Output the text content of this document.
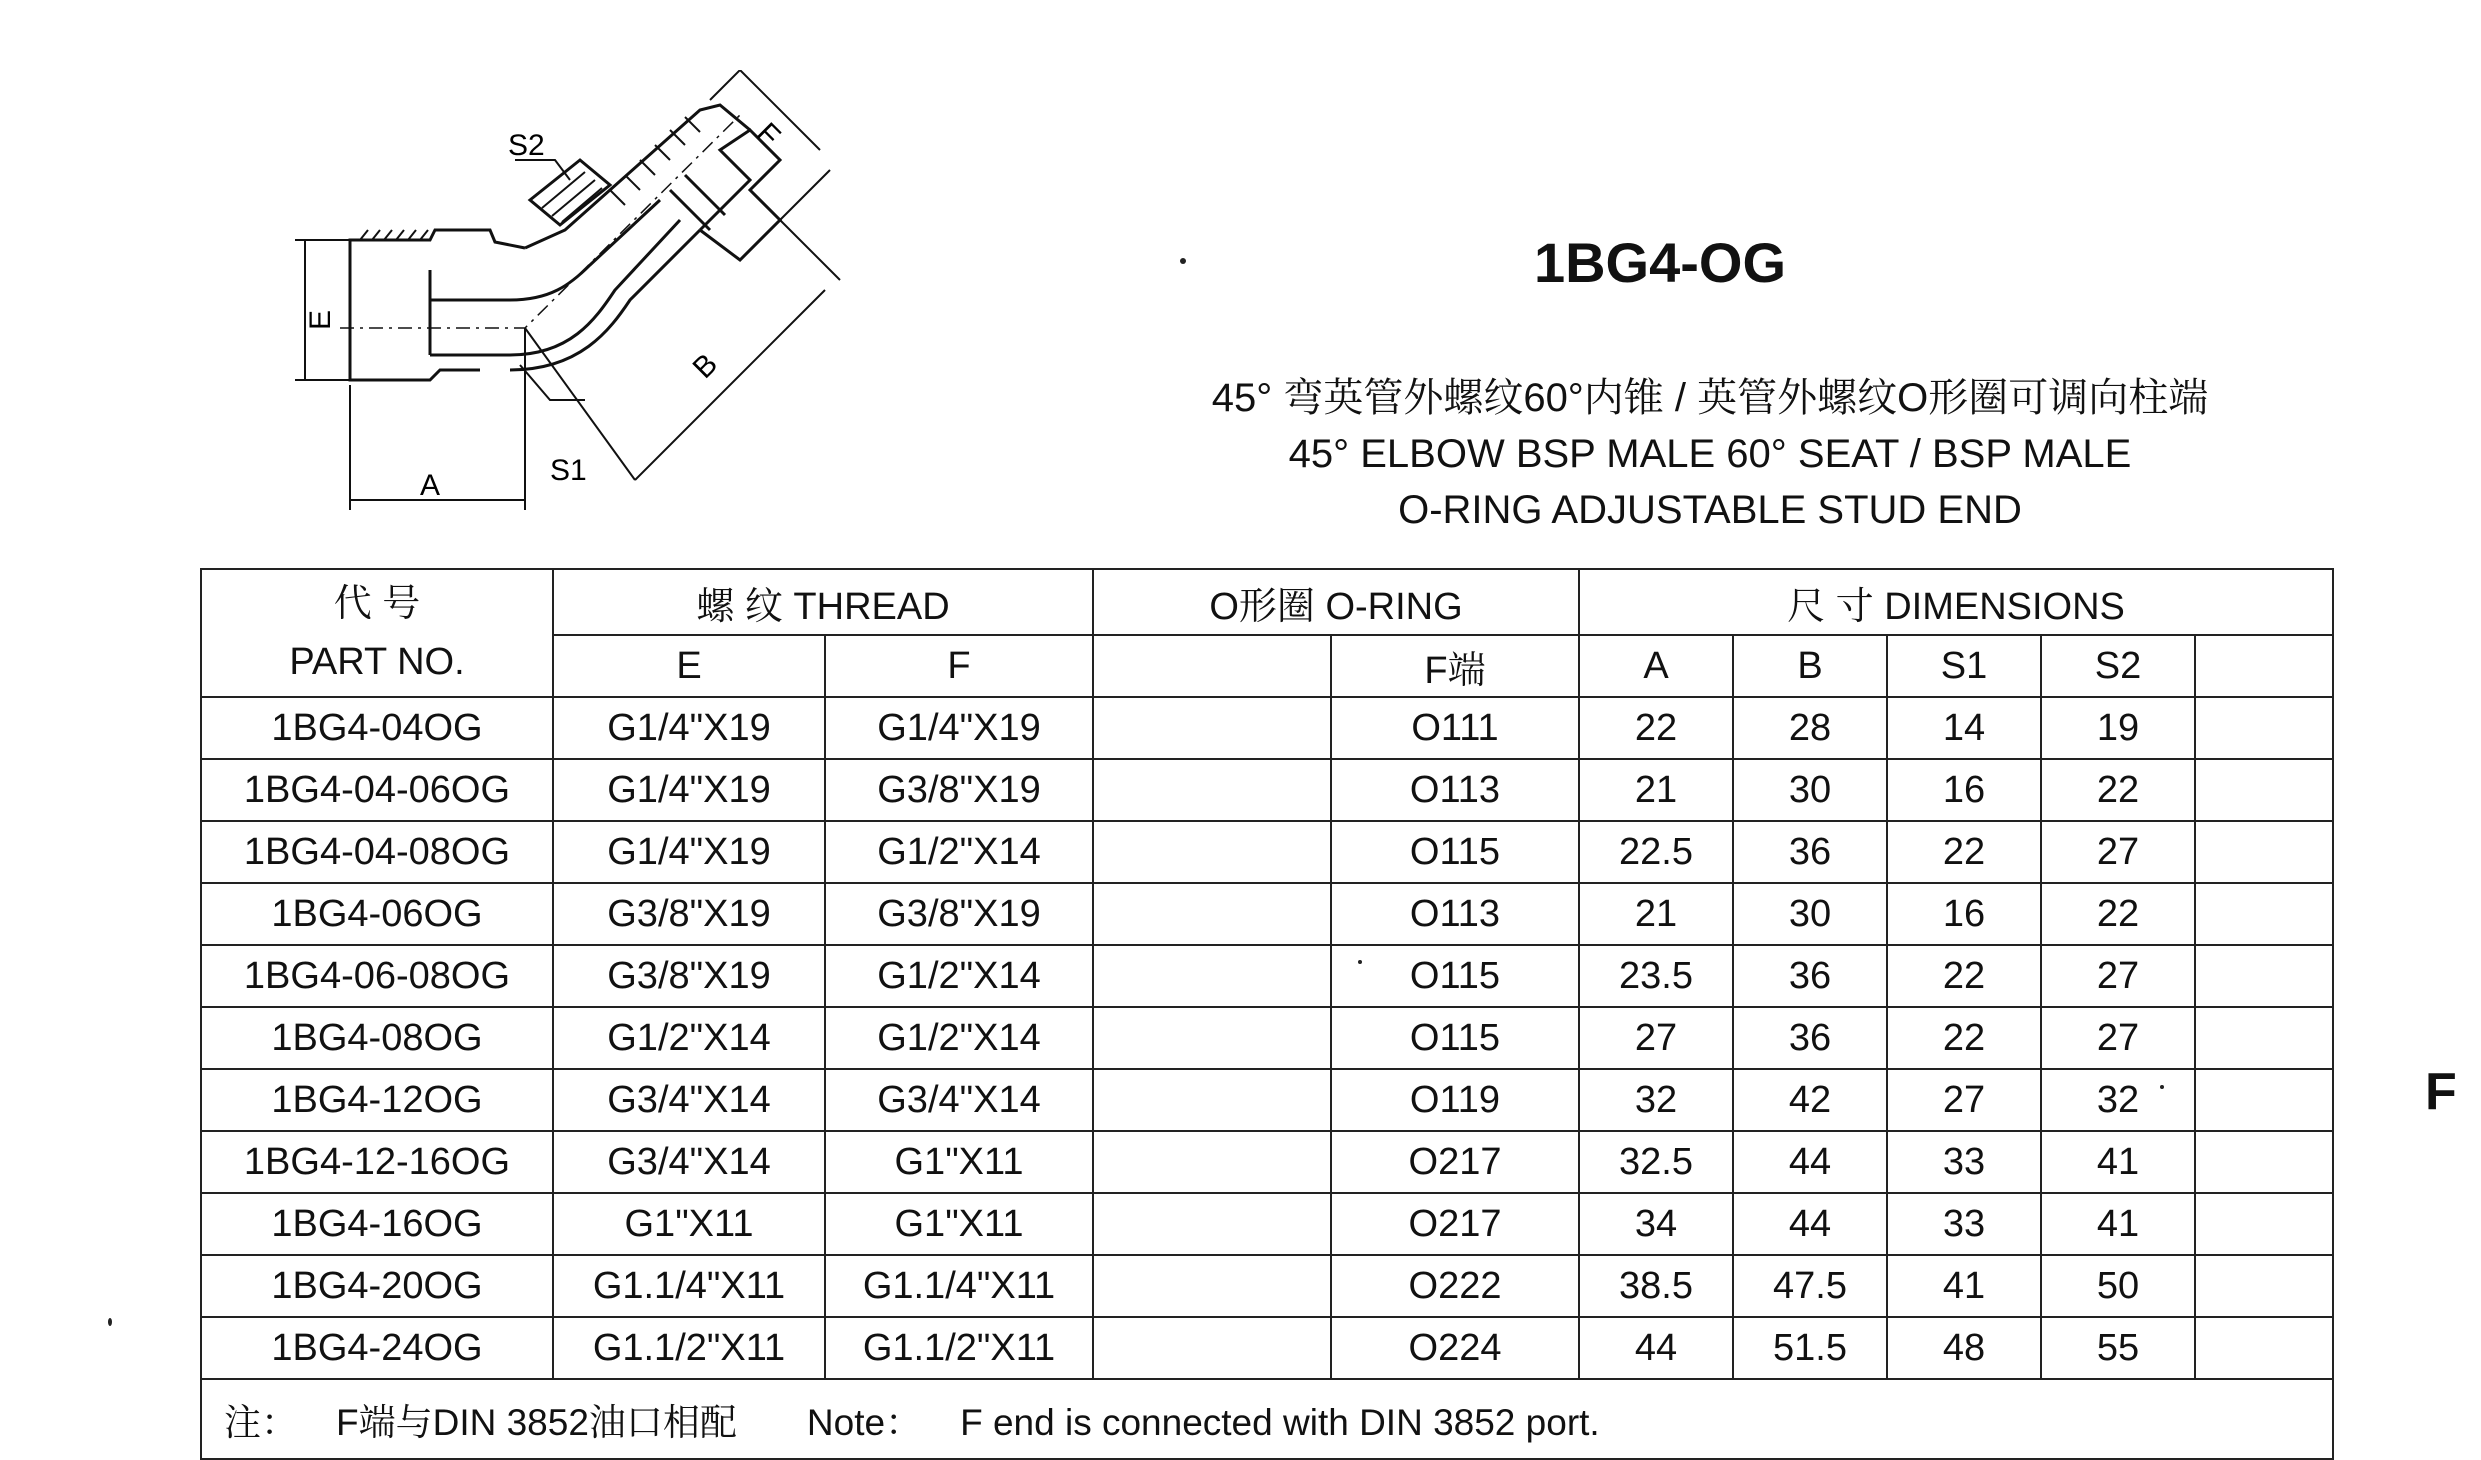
S2
S1
A
E
B
F
1BG4-OG
45° 弯英管外螺纹60°内锥 / 英管外螺纹O形圈可调向柱端
45° ELBOW BSP MALE 60° SEAT / BSP MALE
O-RING ADJUSTABLE STUD END
F
代 号
PART NO.	螺 纹 THREAD		O形圈 O-RING		尺 寸 DIMENSIONS				
	E	F		F端	A	B	S1	S2	
1BG4-04OG	G1/4"X19	G1/4"X19		O111	22	28	14	19	
1BG4-04-06OG	G1/4"X19	G3/8"X19		O113	21	30	16	22	
1BG4-04-08OG	G1/4"X19	G1/2"X14		O115	22.5	36	22	27	
1BG4-06OG	G3/8"X19	G3/8"X19		O113	21	30	16	22	
1BG4-06-08OG	G3/8"X19	G1/2"X14		O115	23.5	36	22	27	
1BG4-08OG	G1/2"X14	G1/2"X14		O115	27	36	22	27	
1BG4-12OG	G3/4"X14	G3/4"X14		O119	32	42	27	32	
1BG4-12-16OG	G3/4"X14	G1"X11		O217	32.5	44	33	41	
1BG4-16OG	G1"X11	G1"X11		O217	34	44	33	41	
1BG4-20OG	G1.1/4"X11	G1.1/4"X11		O222	38.5	47.5	41	50	
1BG4-24OG	G1.1/2"X11	G1.1/2"X11		O224	44	51.5	48	55	
注： F端与DIN 3852油口相配 Note： F end is connected with DIN 3852 port.									
